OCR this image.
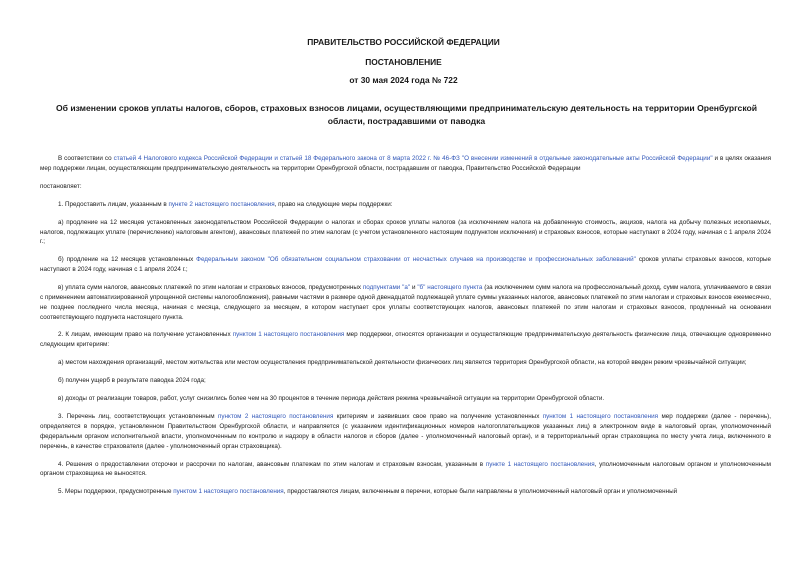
ПРАВИТЕЛЬСТВО РОССИЙСКОЙ ФЕДЕРАЦИИ
ПОСТАНОВЛЕНИЕ
от 30 мая 2024 года № 722
Об изменении сроков уплаты налогов, сборов, страховых взносов лицами, осуществляющими предпринимательскую деятельность на территории Оренбургской области, пострадавшими от паводка

В соответствии со статьей 4 Налогового кодекса Российской Федерации и статьей 18 Федерального закона от 8 марта 2022 г. № 46-ФЗ "О внесении изменений в отдельные законодательные акты Российской Федерации" и в целях оказания мер поддержки лицам, осуществляющим предпринимательскую деятельность на территории Оренбургской области, пострадавшим от паводка, Правительство Российской Федерации

постановляет:

1. Предоставить лицам, указанным в пункте 2 настоящего постановления, право на следующие меры поддержки:

а) продление на 12 месяцев установленных законодательством Российской Федерации о налогах и сборах сроков уплаты налогов (за исключением налога на добавленную стоимость, акцизов, налога на добычу полезных ископаемых, налогов, подлежащих уплате (перечислению) налоговым агентом), авансовых платежей по этим налогам (с учетом установленного настоящим подпунктом исключения) и страховых взносов, которые наступают в 2024 году, начиная с 1 апреля 2024 г.;

б) продление на 12 месяцев установленных Федеральным законом "Об обязательном социальном страховании от несчастных случаев на производстве и профессиональных заболеваний" сроков уплаты страховых взносов, которые наступают в 2024 году, начиная с 1 апреля 2024 г.;

в) уплата сумм налогов, авансовых платежей по этим налогам и страховых взносов, предусмотренных подпунктами "а" и "б" настоящего пункта (за исключением сумм налога на профессиональный доход, сумм налога, уплачиваемого в связи с применением автоматизированной упрощенной системы налогообложения), равными частями в размере одной двенадцатой подлежащей уплате суммы указанных налогов, авансовых платежей по этим налогам и страховых взносов ежемесячно, не позднее последнего числа месяца, начиная с месяца, следующего за месяцем, в котором наступает срок уплаты соответствующих налогов, авансовых платежей по этим налогам и страховых взносов, продленный на основании соответствующего подпункта настоящего пункта.

2. К лицам, имеющим право на получение установленных пунктом 1 настоящего постановления мер поддержки, относятся организации и осуществляющие предпринимательскую деятельность физические лица, отвечающие одновременно следующим критериям:

а) местом нахождения организаций, местом жительства или местом осуществления предпринимательской деятельности физических лиц является территория Оренбургской области, на которой введен режим чрезвычайной ситуации;

б) получен ущерб в результате паводка 2024 года;

в) доходы от реализации товаров, работ, услуг снизились более чем на 30 процентов в течение периода действия режима чрезвычайной ситуации на территории Оренбургской области.

3. Перечень лиц, соответствующих установленным пунктом 2 настоящего постановления критериям и заявивших свое право на получение установленных пунктом 1 настоящего постановления мер поддержки (далее - перечень), определяется в порядке, установленном Правительством Оренбургской области, и направляется (с указанием идентификационных номеров налогоплательщиков указанных лиц) в электронном виде в налоговый орган, уполномоченный федеральным органом исполнительной власти, уполномоченным по контролю и надзору в области налогов и сборов (далее - уполномоченный налоговый орган), и в территориальный орган страховщика по месту учета лица, включенного в перечень, в качестве страхователя (далее - уполномоченный орган страховщика).

4. Решения о предоставлении отсрочки и рассрочки по налогам, авансовым платежам по этим налогам и страховым взносам, указанным в пункте 1 настоящего постановления, уполномоченным налоговым органом и уполномоченным органом страховщика не выносятся.

5. Меры поддержки, предусмотренные пунктом 1 настоящего постановления, предоставляются лицам, включенным в перечни, которые были направлены в уполномоченный налоговый орган и уполномоченный
